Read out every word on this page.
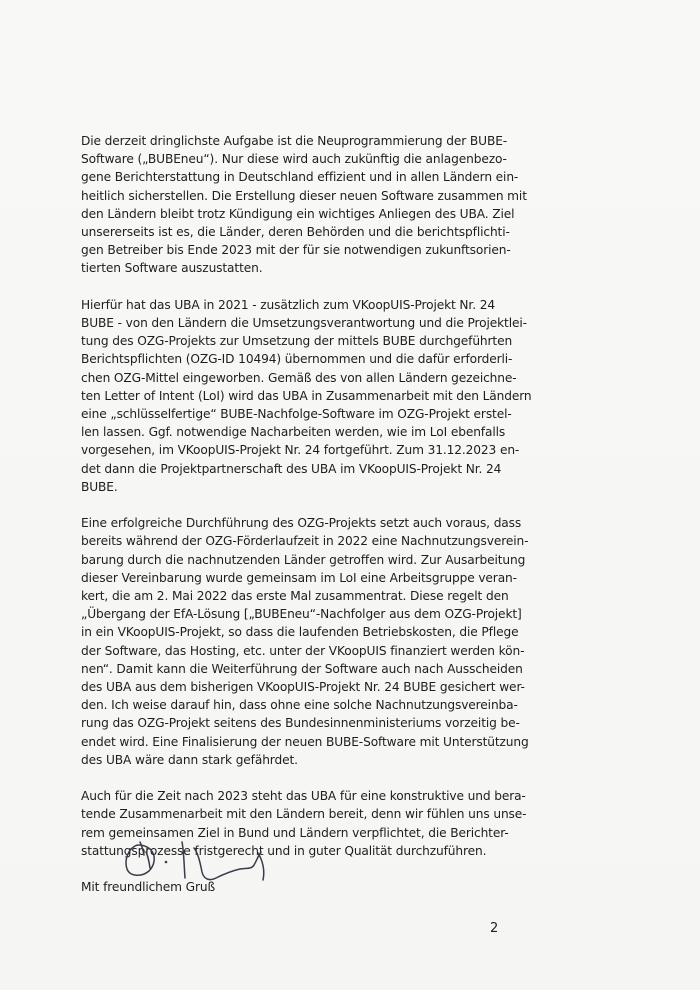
Die derzeit dringlichste Aufgabe ist die Neuprogrammierung der BUBE-
Software („BUBEneu“). Nur diese wird auch zukünftig die anlagenbezo-
gene Berichterstattung in Deutschland effizient und in allen Ländern ein-
heitlich sicherstellen. Die Erstellung dieser neuen Software zusammen mit
den Ländern bleibt trotz Kündigung ein wichtiges Anliegen des UBA. Ziel
unsererseits ist es, die Länder, deren Behörden und die berichtspflichti-
gen Betreiber bis Ende 2023 mit der für sie notwendigen zukunftsorien-
tierten Software auszustatten.
Hierfür hat das UBA in 2021 - zusätzlich zum VKoopUIS-Projekt Nr. 24
BUBE - von den Ländern die Umsetzungsverantwortung und die Projektlei-
tung des OZG-Projekts zur Umsetzung der mittels BUBE durchgeführten
Berichtspflichten (OZG-ID 10494) übernommen und die dafür erforderli-
chen OZG-Mittel eingeworben. Gemäß des von allen Ländern gezeichne-
ten Letter of Intent (LoI) wird das UBA in Zusammenarbeit mit den Ländern
eine „schlüsselfertige“ BUBE-Nachfolge-Software im OZG-Projekt erstel-
len lassen. Ggf. notwendige Nacharbeiten werden, wie im LoI ebenfalls
vorgesehen, im VKoopUIS-Projekt Nr. 24 fortgeführt. Zum 31.12.2023 en-
det dann die Projektpartnerschaft des UBA im VKoopUIS-Projekt Nr. 24
BUBE.
Eine erfolgreiche Durchführung des OZG-Projekts setzt auch voraus, dass
bereits während der OZG-Förderlaufzeit in 2022 eine Nachnutzungsverein-
barung durch die nachnutzenden Länder getroffen wird. Zur Ausarbeitung
dieser Vereinbarung wurde gemeinsam im LoI eine Arbeitsgruppe veran-
kert, die am 2. Mai 2022 das erste Mal zusammentrat. Diese regelt den
„Übergang der EfA-Lösung [„BUBEneu“-Nachfolger aus dem OZG-Projekt]
in ein VKoopUIS-Projekt, so dass die laufenden Betriebskosten, die Pflege
der Software, das Hosting, etc. unter der VKoopUIS finanziert werden kön-
nen“. Damit kann die Weiterführung der Software auch nach Ausscheiden
des UBA aus dem bisherigen VKoopUIS-Projekt Nr. 24 BUBE gesichert wer-
den. Ich weise darauf hin, dass ohne eine solche Nachnutzungsvereinba-
rung das OZG-Projekt seitens des Bundesinnenministeriums vorzeitig be-
endet wird. Eine Finalisierung der neuen BUBE-Software mit Unterstützung
des UBA wäre dann stark gefährdet.
Auch für die Zeit nach 2023 steht das UBA für eine konstruktive und bera-
tende Zusammenarbeit mit den Ländern bereit, denn wir fühlen uns unse-
rem gemeinsamen Ziel in Bund und Ländern verpflichtet, die Berichter-
stattungsprozesse fristgerecht und in guter Qualität durchzuführen.

Mit freundlichem Gruß

2
